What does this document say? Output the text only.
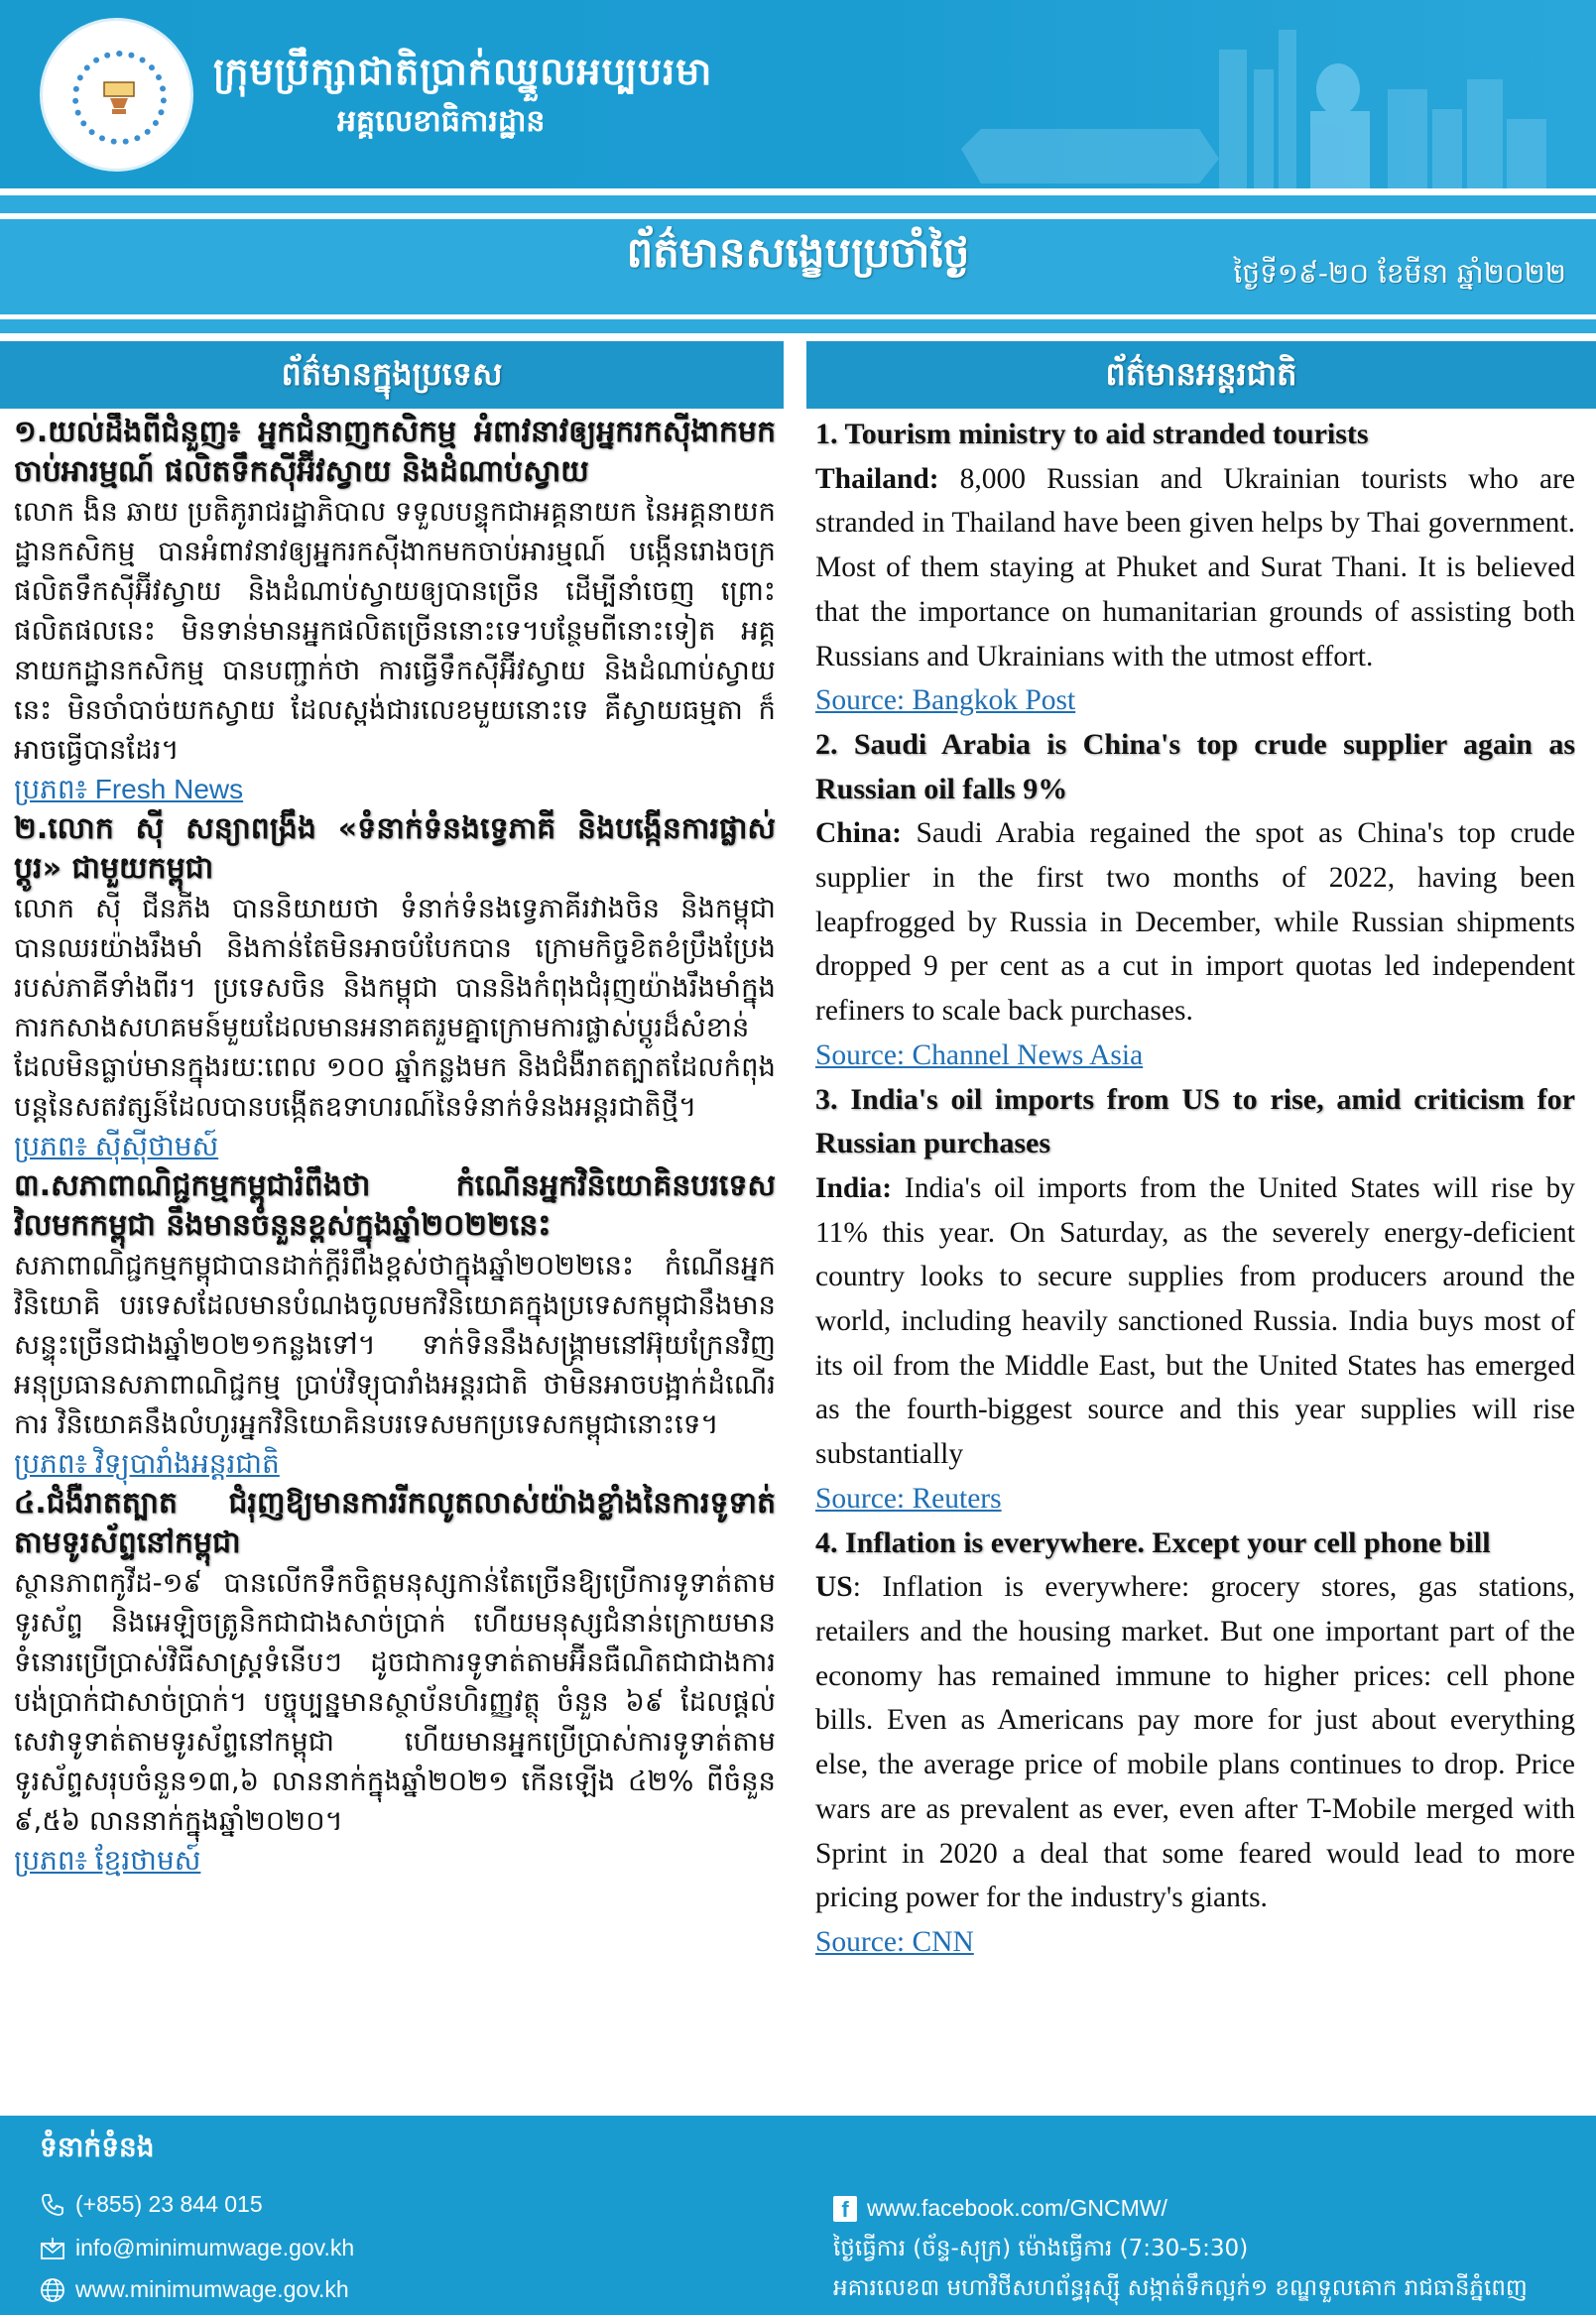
ក្រុមប្រឹក្សាជាតិប្រាក់ឈ្នួលអប្បបរមា
អគ្គលេខាធិការដ្ឋាន
ព័ត៌មានសង្ខេបប្រចាំថ្ងៃ	ថ្ងៃទី១៩-២០ ខែមីនា ឆ្នាំ២០២២
ព័ត៌មានក្នុងប្រទេស	ព័ត៌មានអន្តរជាតិ
១.យល់ដឹងពីជំនួញ៖ អ្នកជំនាញកសិកម្ម អំពាវនាវឲ្យអ្នករកស៊ីងាកមកចាប់អារម្មណ៍ ផលិតទឹកស៊ីអ៊ីវស្វាយ និងដំណាប់ស្វាយ
លោក ងិន ឆាយ ប្រតិភូរាជរដ្ឋាភិបាល ទទួលបន្ទុកជាអគ្គនាយក នៃអគ្គនាយកដ្ឋានកសិកម្ម បានអំពាវនាវឲ្យអ្នករកស៊ីងាកមកចាប់អារម្មណ៍ បង្កើនរោងចក្រផលិតទឹកស៊ីអ៊ីវស្វាយ និងដំណាប់ស្វាយឲ្យបានច្រើន ដើម្បីនាំចេញ ព្រោះផលិតផលនេះ មិនទាន់មានអ្នកផលិតច្រើននោះទេ។បន្ថែមពីនោះទៀត អគ្គនាយកដ្ឋានកសិកម្ម បានបញ្ជាក់ថា ការធ្វើទឹកស៊ីអ៊ីវស្វាយ និងដំណាប់ស្វាយនេះ មិនចាំបាច់យកស្វាយ ដែលស្ពង់ជារលេខមួយនោះទេ គឺស្វាយធម្មតា ក៏អាចធ្វើបានដែរ។
ប្រភព៖ Fresh News
២.លោក ស៊ី សន្យាពង្រឹង «ទំនាក់ទំនងទ្វេភាគី និងបង្កើនការផ្លាស់ប្តូរ» ជាមួយកម្ពុជា
លោក ស៊ី ជីនភីង បាននិយាយថា ទំនាក់ទំនងទ្វេភាគីរវាងចិន និងកម្ពុជា បានឈរយ៉ាងរឹងមាំ និងកាន់តែមិនអាចបំបែកបាន ក្រោមកិច្ចខិតខំប្រឹងប្រែងរបស់ភាគីទាំងពីរ។ ប្រទេសចិន និងកម្ពុជា បាននិងកំពុងជំរុញយ៉ាងរឹងមាំក្នុងការកសាងសហគមន៍មួយដែលមានអនាគតរួមគ្នាក្រោមការផ្លាស់ប្តូរដ៏សំខាន់ដែលមិនធ្លាប់មានក្នុងរយៈពេល ១០០ ឆ្នាំកន្លងមក និងជំងឺរាតត្បាតដែលកំពុងបន្តនៃសតវត្សន៍ដែលបានបង្កើតឧទាហរណ៍នៃទំនាក់ទំនងអន្តរជាតិថ្មី។
ប្រភព៖ ស៊ីស៊ីថាមស៍
៣.សភាពាណិជ្ជកម្មកម្ពុជារំពឹងថា កំណើនអ្នកវិនិយោគិនបរទេសវិលមកកម្ពុជា នឹងមានចំនួនខ្ពស់ក្នុងឆ្នាំ២០២២នេះ
សភាពាណិជ្ជកម្មកម្ពុជាបានដាក់ក្តីរំពឹងខ្ពស់ថាក្នុងឆ្នាំ២០២២នេះ កំណើនអ្នកវិនិយោគិ បរទេសដែលមានបំណងចូលមកវិនិយោគក្នុងប្រទេសកម្ពុជានឹងមានសន្ទុះច្រើនជាងឆ្នាំ២០២១កន្លងទៅ។ ទាក់ទិននឹងសង្គ្រាមនៅអ៊ុយក្រែនវិញ អនុប្រធានសភាពាណិជ្ជកម្ម ប្រាប់វិទ្យុបារាំងអន្តរជាតិ ថាមិនអាចបង្អាក់ដំណើរការ វិនិយោគនឹងលំហូរអ្នកវិនិយោគិនបរទេសមកប្រទេសកម្ពុជានោះទេ។
ប្រភព៖ វិទ្យុបារាំងអន្តរជាតិ
៤.ជំងឺរាតត្បាត ជំរុញឱ្យមានការរីកលូតលាស់យ៉ាងខ្លាំងនៃការទូទាត់តាមទូរស័ព្ទនៅកម្ពុជា
ស្ថានភាពកូវីដ-១៩ បានលើកទឹកចិត្តមនុស្សកាន់តែច្រើនឱ្យប្រើការទូទាត់តាមទូរស័ព្ទ និងអេឡិចត្រូនិកជាជាងសាច់ប្រាក់ ហើយមនុស្សជំនាន់ក្រោយមានទំនោរប្រើប្រាស់វិធីសាស្ត្រទំនើបៗ ដូចជាការទូទាត់តាមអ៊ីនធឺណិតជាជាងការបង់ប្រាក់ជាសាច់ប្រាក់។ បច្ចុប្បន្នមានស្ថាប័នហិរញ្ញវត្ថុ ចំនួន ៦៩ ដែលផ្តល់សេវាទូទាត់តាមទូរស័ព្ទនៅកម្ពុជា ហើយមានអ្នកប្រើប្រាស់ការទូទាត់តាមទូរស័ព្ទសរុបចំនួន១៣,៦ លាននាក់ក្នុងឆ្នាំ២០២១ កើនឡើង ៤២% ពីចំនួន ៩,៥៦ លាននាក់ក្នុងឆ្នាំ២០២០។
ប្រភព៖ ខ្មែរថាមស៍
1. Tourism ministry to aid stranded tourists
Thailand: 8,000 Russian and Ukrainian tourists who are stranded in Thailand have been given helps by Thai government. Most of them staying at Phuket and Surat Thani. It is believed that the importance on humanitarian grounds of assisting both Russians and Ukrainians with the utmost effort.
Source: Bangkok Post
2. Saudi Arabia is China's top crude supplier again as Russian oil falls 9%
China: Saudi Arabia regained the spot as China's top crude supplier in the first two months of 2022, having been leapfrogged by Russia in December, while Russian shipments dropped 9 per cent as a cut in import quotas led independent refiners to scale back purchases.
Source: Channel News Asia
3. India's oil imports from US to rise, amid criticism for Russian purchases
India: India's oil imports from the United States will rise by 11% this year. On Saturday, as the severely energy-deficient country looks to secure supplies from producers around the world, including heavily sanctioned Russia. India buys most of its oil from the Middle East, but the United States has emerged as the fourth-biggest source and this year supplies will rise substantially
Source: Reuters
4. Inflation is everywhere. Except your cell phone bill
US: Inflation is everywhere: grocery stores, gas stations, retailers and the housing market. But one important part of the economy has remained immune to higher prices: cell phone bills. Even as Americans pay more for just about everything else, the average price of mobile plans continues to drop. Price wars are as prevalent as ever, even after T-Mobile merged with Sprint in 2020 a deal that some feared would lead to more pricing power for the industry's giants.
Source: CNN
ទំនាក់ទំនង
(+855) 23 844 015
info@minimumwage.gov.kh
www.minimumwage.gov.kh
f www.facebook.com/GNCMW/
ថ្ងៃធ្វើការ (ច័ន្ទ-សុក្រ) ម៉ោងធ្វើការ (7:30-5:30)
អគារលេខ៣ មហាវិថីសហព័ន្ធរុស្ស៊ី សង្កាត់ទឹកល្អក់១ ខណ្ឌទួលគោក រាជធានីភ្នំពេញ
